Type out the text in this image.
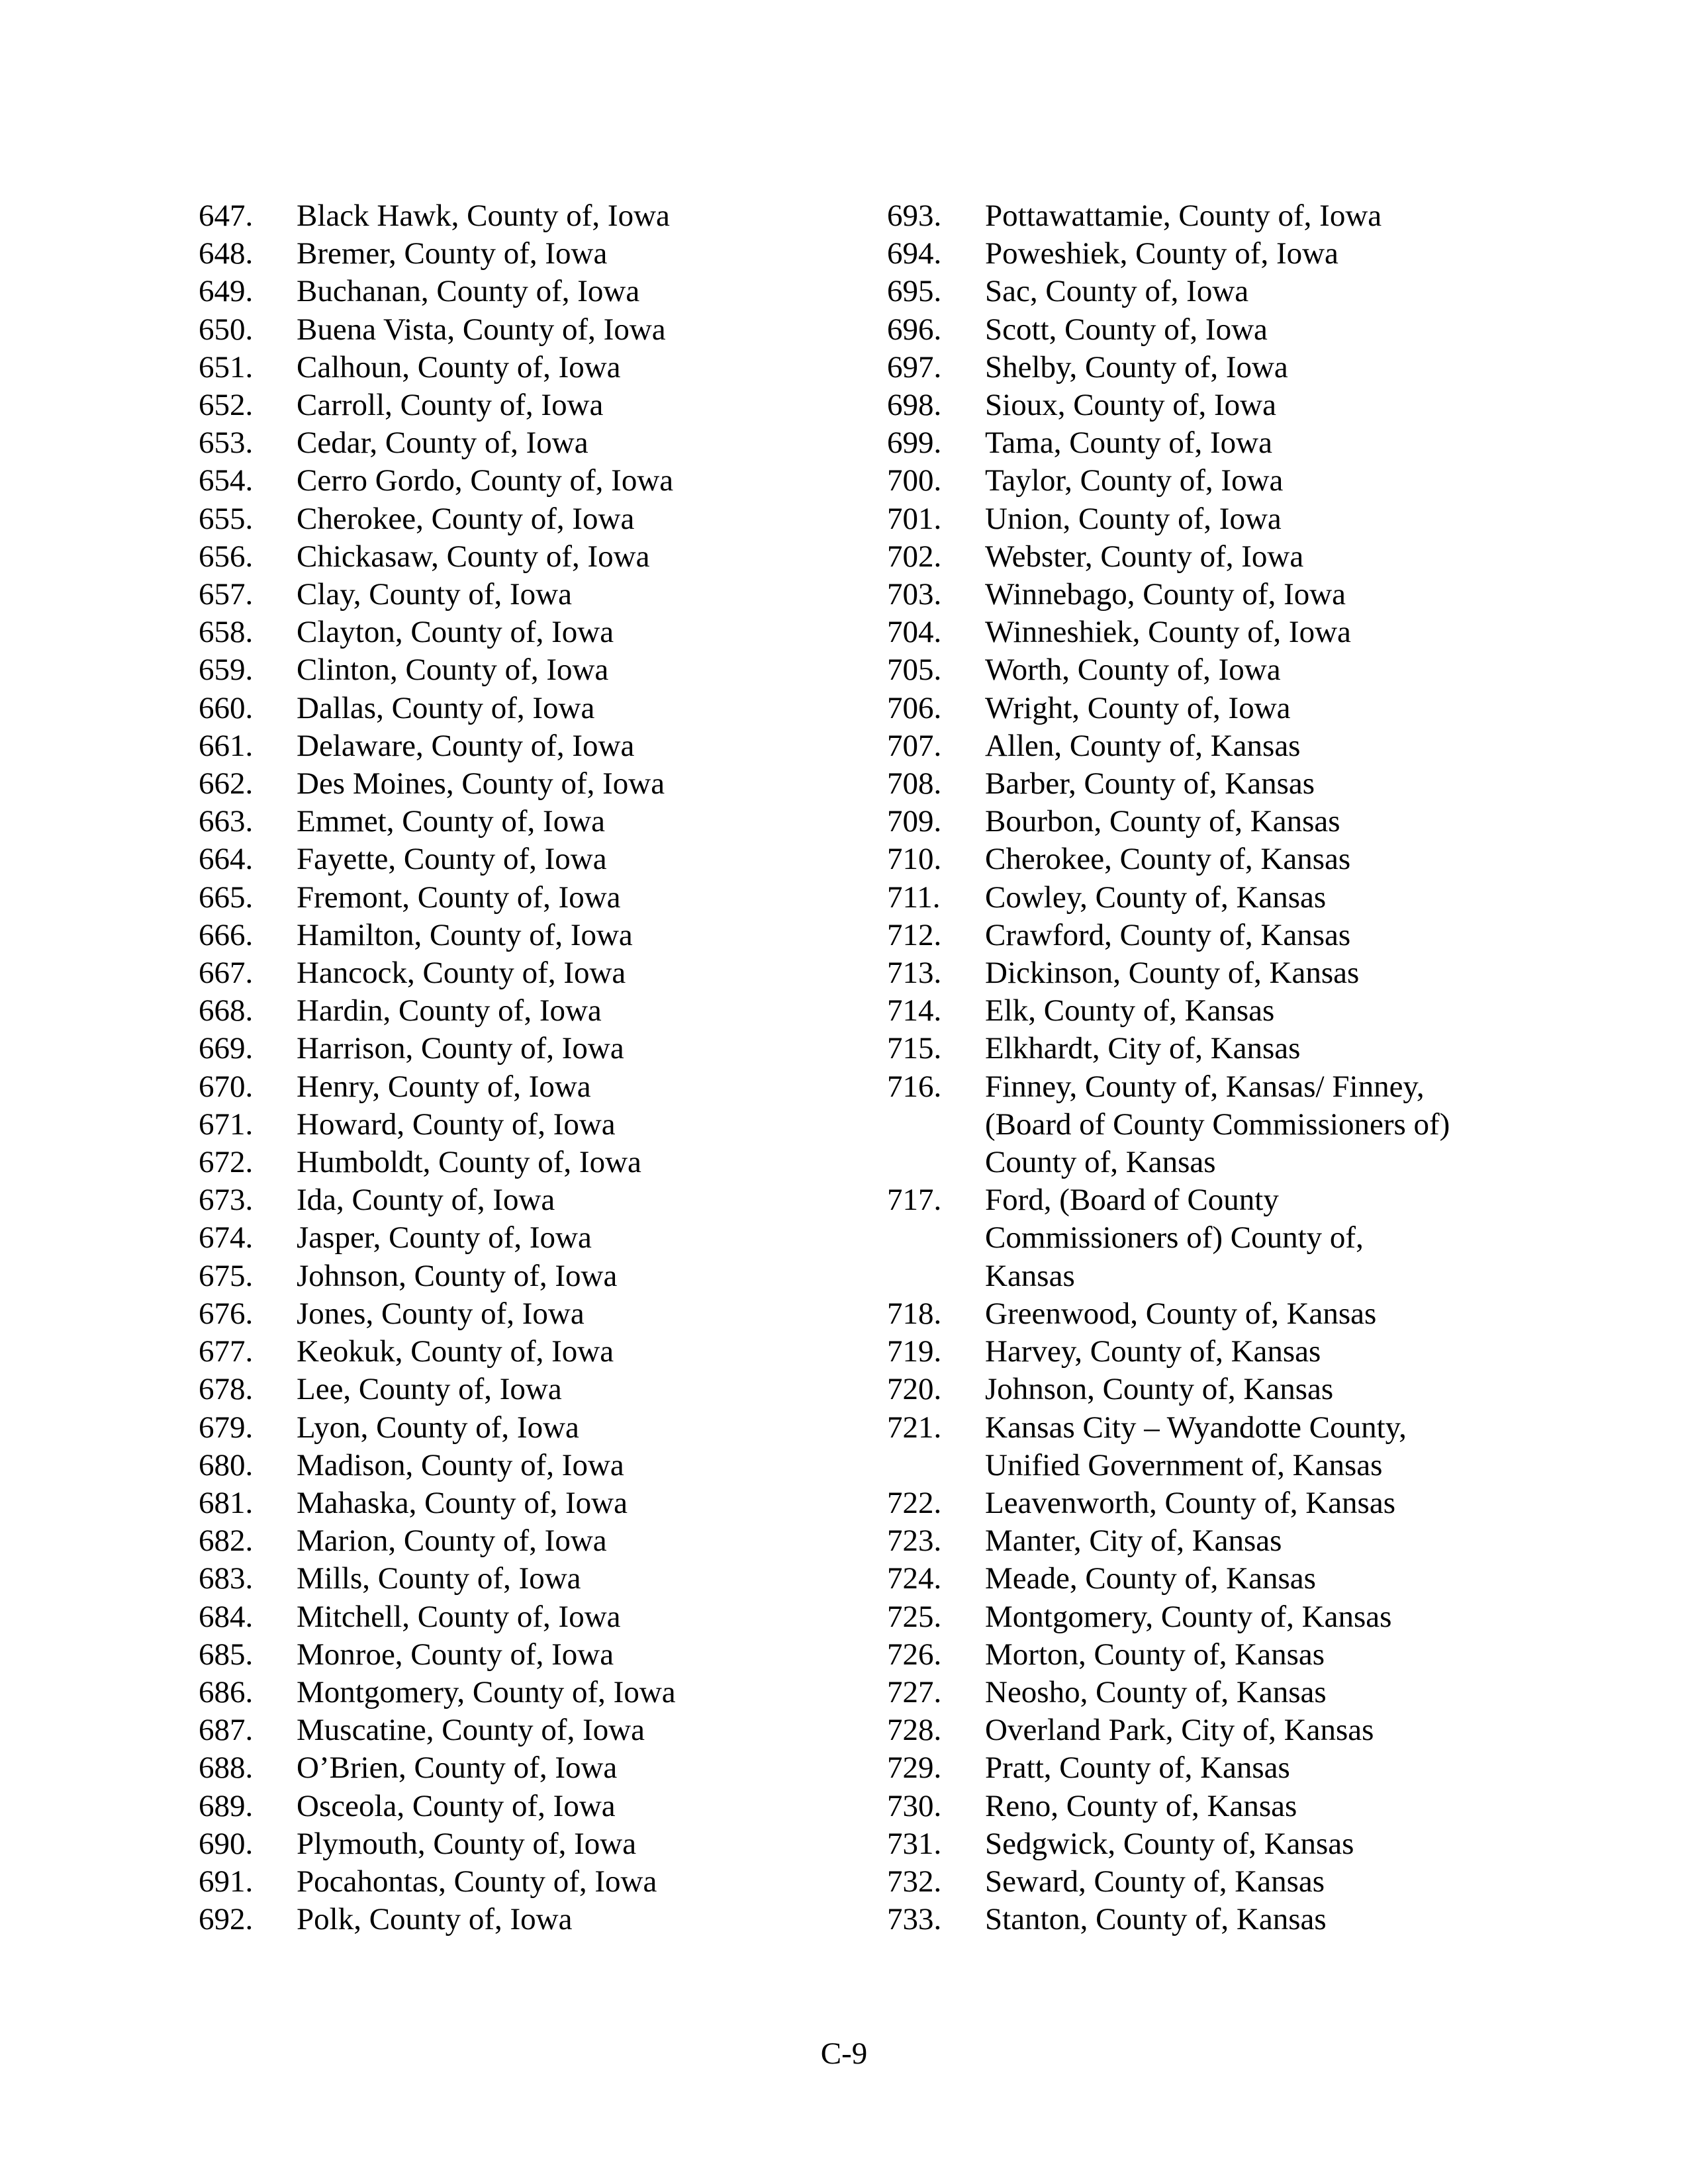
647.	Black Hawk, County of, Iowa
648.	Bremer, County of, Iowa
649.	Buchanan, County of, Iowa
650.	Buena Vista, County of, Iowa
651.	Calhoun, County of, Iowa
652.	Carroll, County of, Iowa
653.	Cedar, County of, Iowa
654.	Cerro Gordo, County of, Iowa
655.	Cherokee, County of, Iowa
656.	Chickasaw, County of, Iowa
657.	Clay, County of, Iowa
658.	Clayton, County of, Iowa
659.	Clinton, County of, Iowa
660.	Dallas, County of, Iowa
661.	Delaware, County of, Iowa
662.	Des Moines, County of, Iowa
663.	Emmet, County of, Iowa
664.	Fayette, County of, Iowa
665.	Fremont, County of, Iowa
666.	Hamilton, County of, Iowa
667.	Hancock, County of, Iowa
668.	Hardin, County of, Iowa
669.	Harrison, County of, Iowa
670.	Henry, County of, Iowa
671.	Howard, County of, Iowa
672.	Humboldt, County of, Iowa
673.	Ida, County of, Iowa
674.	Jasper, County of, Iowa
675.	Johnson, County of, Iowa
676.	Jones, County of, Iowa
677.	Keokuk, County of, Iowa
678.	Lee, County of, Iowa
679.	Lyon, County of, Iowa
680.	Madison, County of, Iowa
681.	Mahaska, County of, Iowa
682.	Marion, County of, Iowa
683.	Mills, County of, Iowa
684.	Mitchell, County of, Iowa
685.	Monroe, County of, Iowa
686.	Montgomery, County of, Iowa
687.	Muscatine, County of, Iowa
688.	O’Brien, County of, Iowa
689.	Osceola, County of, Iowa
690.	Plymouth, County of, Iowa
691.	Pocahontas, County of, Iowa
692.	Polk, County of, Iowa
693.	Pottawattamie, County of, Iowa
694.	Poweshiek, County of, Iowa
695.	Sac, County of, Iowa
696.	Scott, County of, Iowa
697.	Shelby, County of, Iowa
698.	Sioux, County of, Iowa
699.	Tama, County of, Iowa
700.	Taylor, County of, Iowa
701.	Union, County of, Iowa
702.	Webster, County of, Iowa
703.	Winnebago, County of, Iowa
704.	Winneshiek, County of, Iowa
705.	Worth, County of, Iowa
706.	Wright, County of, Iowa
707.	Allen, County of, Kansas
708.	Barber, County of, Kansas
709.	Bourbon, County of, Kansas
710.	Cherokee, County of, Kansas
711.	Cowley, County of, Kansas
712.	Crawford, County of, Kansas
713.	Dickinson, County of, Kansas
714.	Elk, County of, Kansas
715.	Elkhardt, City of, Kansas
716.	Finney, County of, Kansas/ Finney,
(Board of County Commissioners of)
County of, Kansas
717.	Ford, (Board of County
Commissioners of) County of,
Kansas
718.	Greenwood, County of, Kansas
719.	Harvey, County of, Kansas
720.	Johnson, County of, Kansas
721.	Kansas City – Wyandotte County,
Unified Government of, Kansas
722.	Leavenworth, County of, Kansas
723.	Manter, City of, Kansas
724.	Meade, County of, Kansas
725.	Montgomery, County of, Kansas
726.	Morton, County of, Kansas
727.	Neosho, County of, Kansas
728.	Overland Park, City of, Kansas
729.	Pratt, County of, Kansas
730.	Reno, County of, Kansas
731.	Sedgwick, County of, Kansas
732.	Seward, County of, Kansas
733.	Stanton, County of, Kansas
C-9
